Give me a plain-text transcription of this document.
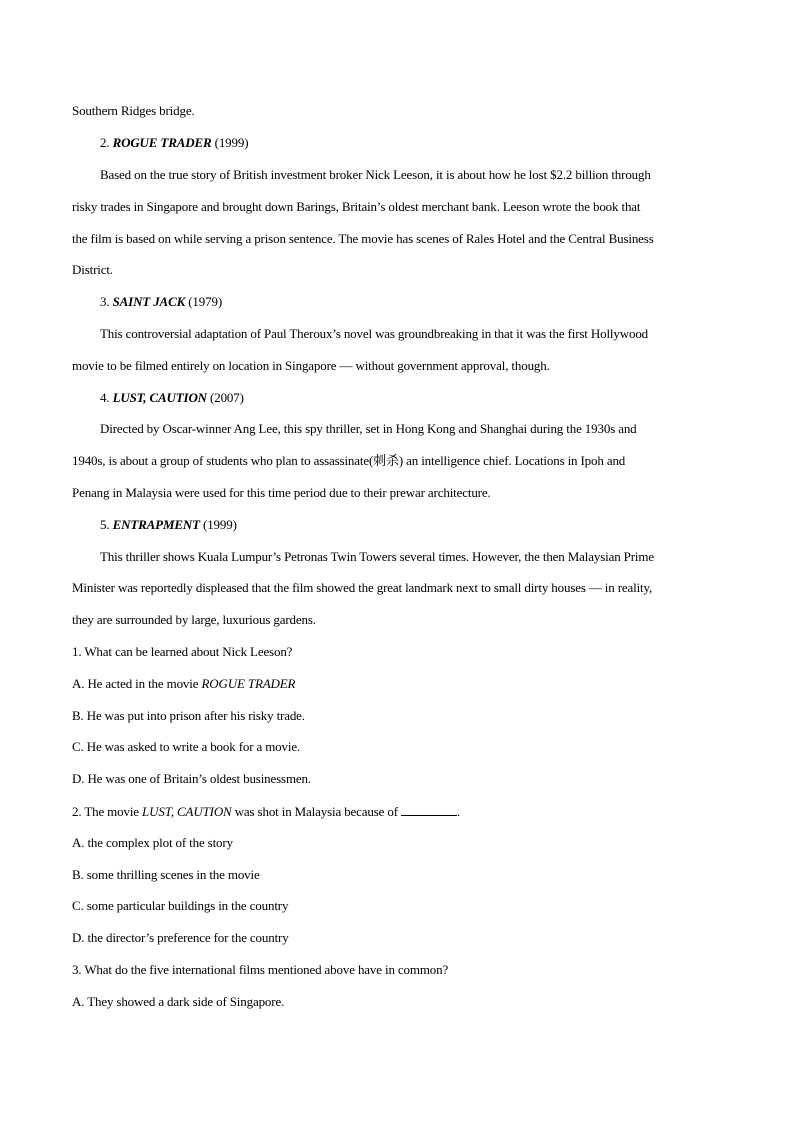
Southern Ridges bridge.
2. ROGUE TRADER (1999)
Based on the true story of British investment broker Nick Leeson, it is about how he lost $2.2 billion through
risky trades in Singapore and brought down Barings, Britain’s oldest merchant bank. Leeson wrote the book that
the film is based on while serving a prison sentence. The movie has scenes of Rales Hotel and the Central Business
District.
3. SAINT JACK (1979)
This controversial adaptation of Paul Theroux’s novel was groundbreaking in that it was the first Hollywood
movie to be filmed entirely on location in Singapore — without government approval, though.
4. LUST, CAUTION (2007)
Directed by Oscar-winner Ang Lee, this spy thriller, set in Hong Kong and Shanghai during the 1930s and
1940s, is about a group of students who plan to assassinate(刺杀) an intelligence chief. Locations in Ipoh and
Penang in Malaysia were used for this time period due to their prewar architecture.
5. ENTRAPMENT (1999)
This thriller shows Kuala Lumpur’s Petronas Twin Towers several times. However, the then Malaysian Prime
Minister was reportedly displeased that the film showed the great landmark next to small dirty houses — in reality,
they are surrounded by large, luxurious gardens.
1. What can be learned about Nick Leeson?
A. He acted in the movie ROGUE TRADER
B. He was put into prison after his risky trade.
C. He was asked to write a book for a movie.
D. He was one of Britain’s oldest businessmen.
2. The movie LUST, CAUTION was shot in Malaysia because of	.
A. the complex plot of the story
B. some thrilling scenes in the movie
C. some particular buildings in the country
D. the director’s preference for the country
3. What do the five international films mentioned above have in common?
A. They showed a dark side of Singapore.
